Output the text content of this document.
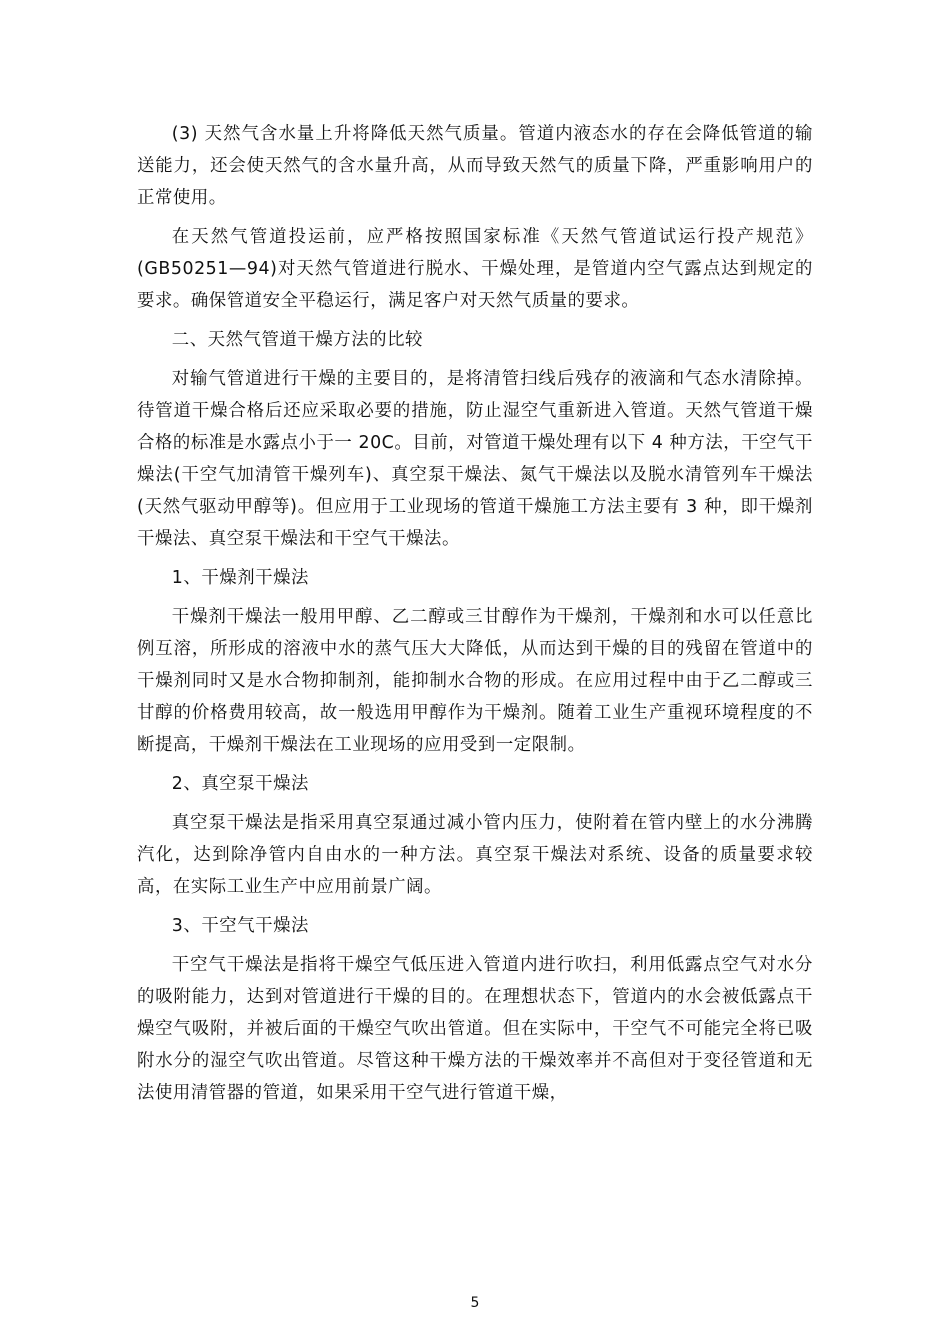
(3) 天然气含水量上升将降低天然气质量。管道内液态水的存在会降低管道的输送能力，还会使天然气的含水量升高，从而导致天然气的质量下降，严重影响用户的正常使用。

在天然气管道投运前，应严格按照国家标准《天然气管道试运行投产规范》(GB50251—94)对天然气管道进行脱水、干燥处理，是管道内空气露点达到规定的要求。确保管道安全平稳运行，满足客户对天然气质量的要求。

二、天然气管道干燥方法的比较

对输气管道进行干燥的主要目的，是将清管扫线后残存的液滴和气态水清除掉。待管道干燥合格后还应采取必要的措施，防止湿空气重新进入管道。天然气管道干燥合格的标准是水露点小于一 20C。目前，对管道干燥处理有以下 4 种方法，干空气干燥法(干空气加清管干燥列车)、真空泵干燥法、氮气干燥法以及脱水清管列车干燥法(天然气驱动甲醇等)。但应用于工业现场的管道干燥施工方法主要有 3 种，即干燥剂干燥法、真空泵干燥法和干空气干燥法。

1、干燥剂干燥法

干燥剂干燥法一般用甲醇、乙二醇或三甘醇作为干燥剂，干燥剂和水可以任意比例互溶，所形成的溶液中水的蒸气压大大降低，从而达到干燥的目的残留在管道中的干燥剂同时又是水合物抑制剂，能抑制水合物的形成。在应用过程中由于乙二醇或三甘醇的价格费用较高，故一般选用甲醇作为干燥剂。随着工业生产重视环境程度的不断提高，干燥剂干燥法在工业现场的应用受到一定限制。

2、真空泵干燥法

真空泵干燥法是指采用真空泵通过减小管内压力，使附着在管内壁上的水分沸腾汽化，达到除净管内自由水的一种方法。真空泵干燥法对系统、设备的质量要求较高，在实际工业生产中应用前景广阔。

3、干空气干燥法

干空气干燥法是指将干燥空气低压进入管道内进行吹扫，利用低露点空气对水分的吸附能力，达到对管道进行干燥的目的。在理想状态下，管道内的水会被低露点干燥空气吸附，并被后面的干燥空气吹出管道。但在实际中，干空气不可能完全将已吸附水分的湿空气吹出管道。尽管这种干燥方法的干燥效率并不高但对于变径管道和无法使用清管器的管道，如果采用干空气进行管道干燥，

5
